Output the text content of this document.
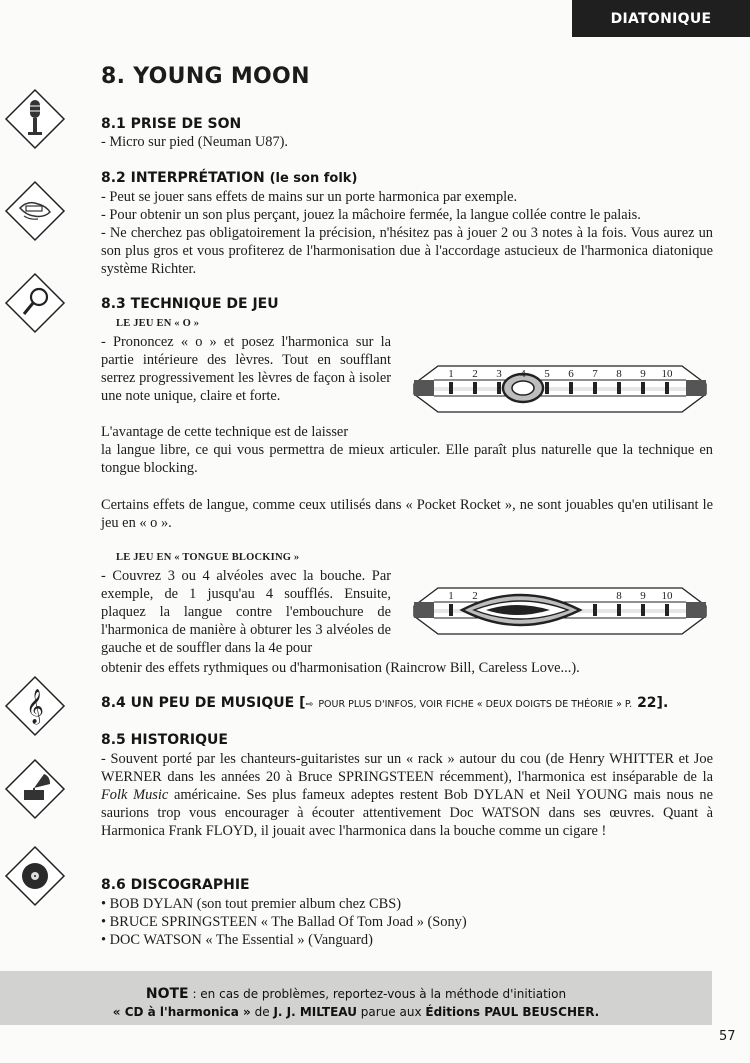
DIATONIQUE
8. YOUNG MOON
𝄞
8.1 PRISE DE SON

- Micro sur pied (Neuman U87).

8.2 INTERPRÉTATION (le son folk)

- Peut se jouer sans effets de mains sur un porte harmonica par exemple.

- Pour obtenir un son plus perçant, jouez la mâchoire fermée, la langue collée contre le palais.

- Ne cherchez pas obligatoirement la précision, n'hésitez pas à jouer 2 ou 3 notes à la fois. Vous aurez un son plus gros et vous profiterez de l'harmonisation due à l'accordage astucieux de l'harmonica diatonique système Richter.

8.3 TECHNIQUE DE JEU
LE JEU EN « O »

- Prononcez « o » et posez l'harmonica sur la partie intérieure des lèvres. Tout en soufflant serrez progressivement les lèvres de façon à isoler une note unique, claire et forte.

1 2 3 4 5 6 7 8 9 10

L'avantage de cette technique est de laisser

la langue libre, ce qui vous permettra de mieux articuler. Elle paraît plus naturelle que la technique en tongue blocking.

Certains effets de langue, comme ceux utilisés dans « Pocket Rocket », ne sont jouables qu'en utilisant le jeu en « o ».

LE JEU EN « TONGUE BLOCKING »

- Couvrez 3 ou 4 alvéoles avec la bouche. Par exemple, de 1 jusqu'au 4 soufflés. Ensuite, plaquez la langue contre l'embouchure de l'harmonica de manière à obturer les 3 alvéoles de gauche et de souffler dans la 4e pour

1 2	8 9 10

obtenir des effets rythmiques ou d'harmonisation (Raincrow Bill, Careless Love...).

8.4 UN PEU DE MUSIQUE [⇨ POUR PLUS D'INFOS, VOIR FICHE « DEUX DOIGTS DE THÉORIE » P. 22].
8.5 HISTORIQUE

- Souvent porté par les chanteurs-guitaristes sur un « rack » autour du cou (de Henry WHITTER et Joe WERNER dans les années 20 à Bruce SPRINGSTEEN récemment), l'harmonica est inséparable de la Folk Music américaine. Ses plus fameux adeptes restent Bob DYLAN et Neil YOUNG mais nous ne saurions trop vous encourager à écouter attentivement Doc WATSON dans ses œuvres. Quant à Harmonica Frank FLOYD, il jouait avec l'harmonica dans la bouche comme un cigare !

8.6 DISCOGRAPHIE

• BOB DYLAN (son tout premier album chez CBS)

• BRUCE SPRINGSTEEN « The Ballad Of Tom Joad » (Sony)

• DOC WATSON « The Essential » (Vanguard)

NOTE : en cas de problèmes, reportez-vous à la méthode d'initiation
« CD à l'harmonica » de J. J. MILTEAU parue aux Éditions PAUL BEUSCHER.
57
